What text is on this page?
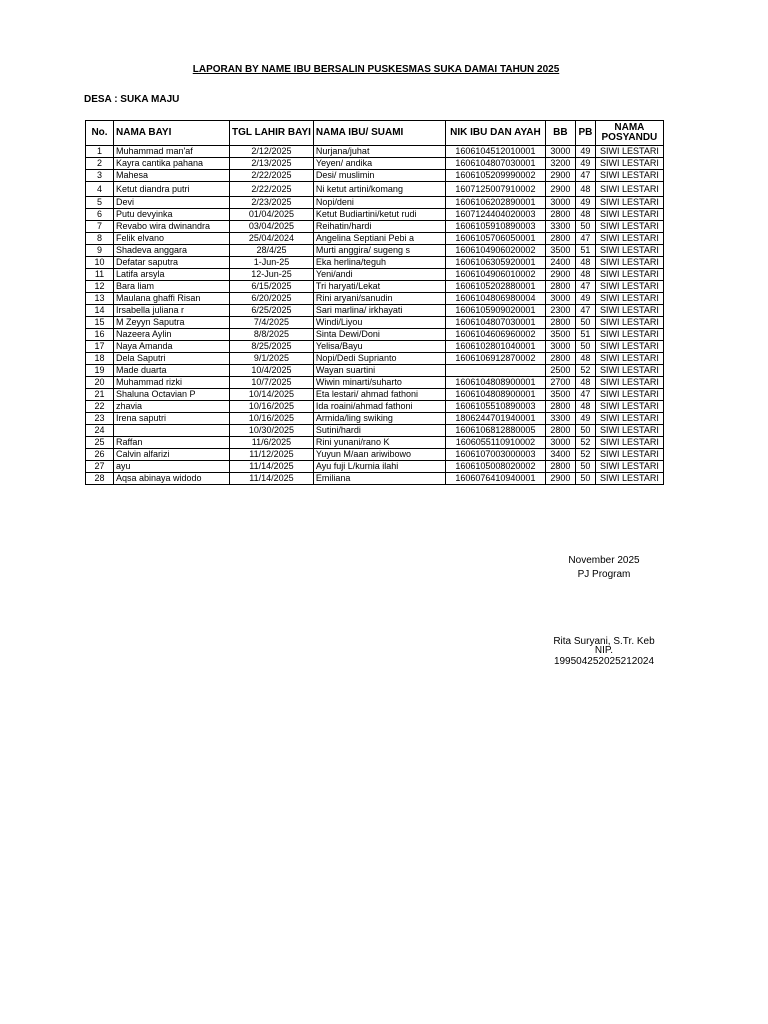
LAPORAN BY NAME IBU BERSALIN PUSKESMAS SUKA DAMAI TAHUN 2025
DESA : SUKA MAJU
No.	NAMA BAYI	TGL LAHIR BAYI	NAMA IBU/ SUAMI	NIK IBU DAN AYAH	BB	PB	NAMA
POSYANDU
1	Muhammad man'af	2/12/2025	Nurjana/juhat	1606104512010001	3000	49	SIWI LESTARI
2	Kayra cantika pahana	2/13/2025	Yeyen/ andika	1606104807030001	3200	49	SIWI LESTARI
3	Mahesa	2/22/2025	Desi/ muslimin	1606105209990002	2900	47	SIWI LESTARI
4	Ketut diandra putri	2/22/2025	Ni ketut artini/komang	1607125007910002	2900	48	SIWI LESTARI
5	Devi	2/23/2025	Nopi/deni	1606106202890001	3000	49	SIWI LESTARI
6	Putu devyinka	01/04/2025	Ketut Budiartini/ketut rudi	1607124404020003	2800	48	SIWI LESTARI
7	Revabo wira dwinandra	03/04/2025	Reihatin/hardi	1606105910890003	3300	50	SIWI LESTARI
8	Felik elvano	25/04/2024	Angelina Septiani Pebi a	1606105706050001	2800	47	SIWI LESTARI
9	Shadeva anggara	28/4/25	Murti anggira/ sugeng s	1606104906020002	3500	51	SIWI LESTARI
10	Defatar saputra	1-Jun-25	Eka herlina/teguh	1606106305920001	2400	48	SIWI LESTARI
11	Latifa arsyla	12-Jun-25	Yeni/andi	1606104906010002	2900	48	SIWI LESTARI
12	Bara liam	6/15/2025	Tri haryati/Lekat	1606105202880001	2800	47	SIWI LESTARI
13	Maulana ghaffi Risan	6/20/2025	Rini aryani/sanudin	1606104806980004	3000	49	SIWI LESTARI
14	Irsabella juliana r	6/25/2025	Sari marlina/ irkhayati	1606105909020001	2300	47	SIWI LESTARI
15	M Zeyyn Saputra	7/4/2025	Windi/Liyou	1606104807030001	2800	50	SIWI LESTARI
16	Nazeera Aylin	8/8/2025	Sinta Dewi/Doni	1606104606960002	3500	51	SIWI LESTARI
17	Naya Amanda	8/25/2025	Yelisa/Bayu	1606102801040001	3000	50	SIWI LESTARI
18	Dela Saputri	9/1/2025	Nopi/Dedi Suprianto	1606106912870002	2800	48	SIWI LESTARI
19	Made duarta	10/4/2025	Wayan suartini		2500	52	SIWI LESTARI
20	Muhammad rizki	10/7/2025	Wiwin minarti/suharto	1606104808900001	2700	48	SIWI LESTARI
21	Shaluna Octavian P	10/14/2025	Eta lestari/ ahmad fathoni	1606104808900001	3500	47	SIWI LESTARI
22	zhavia	10/16/2025	Ida roaini/ahmad fathoni	1606105510890003	2800	48	SIWI LESTARI
23	Irena saputri	10/16/2025	Armida/ling swiking	1806244701940001	3300	49	SIWI LESTARI
24		10/30/2025	Sutini/hardi	1606106812880005	2800	50	SIWI LESTARI
25	Raffan	11/6/2025	Rini yunani/rano K	1606055110910002	3000	52	SIWI LESTARI
26	Calvin alfarizi	11/12/2025	Yuyun M/aan ariwibowo	1606107003000003	3400	52	SIWI LESTARI
27	ayu	11/14/2025	Ayu fuji L/kurnia ilahi	1606105008020002	2800	50	SIWI LESTARI
28	Aqsa abinaya widodo	11/14/2025	Emiliana	1606076410940001	2900	50	SIWI LESTARI
November 2025
PJ Program
Rita Suryani, S.Tr. Keb
NIP.
199504252025212024
